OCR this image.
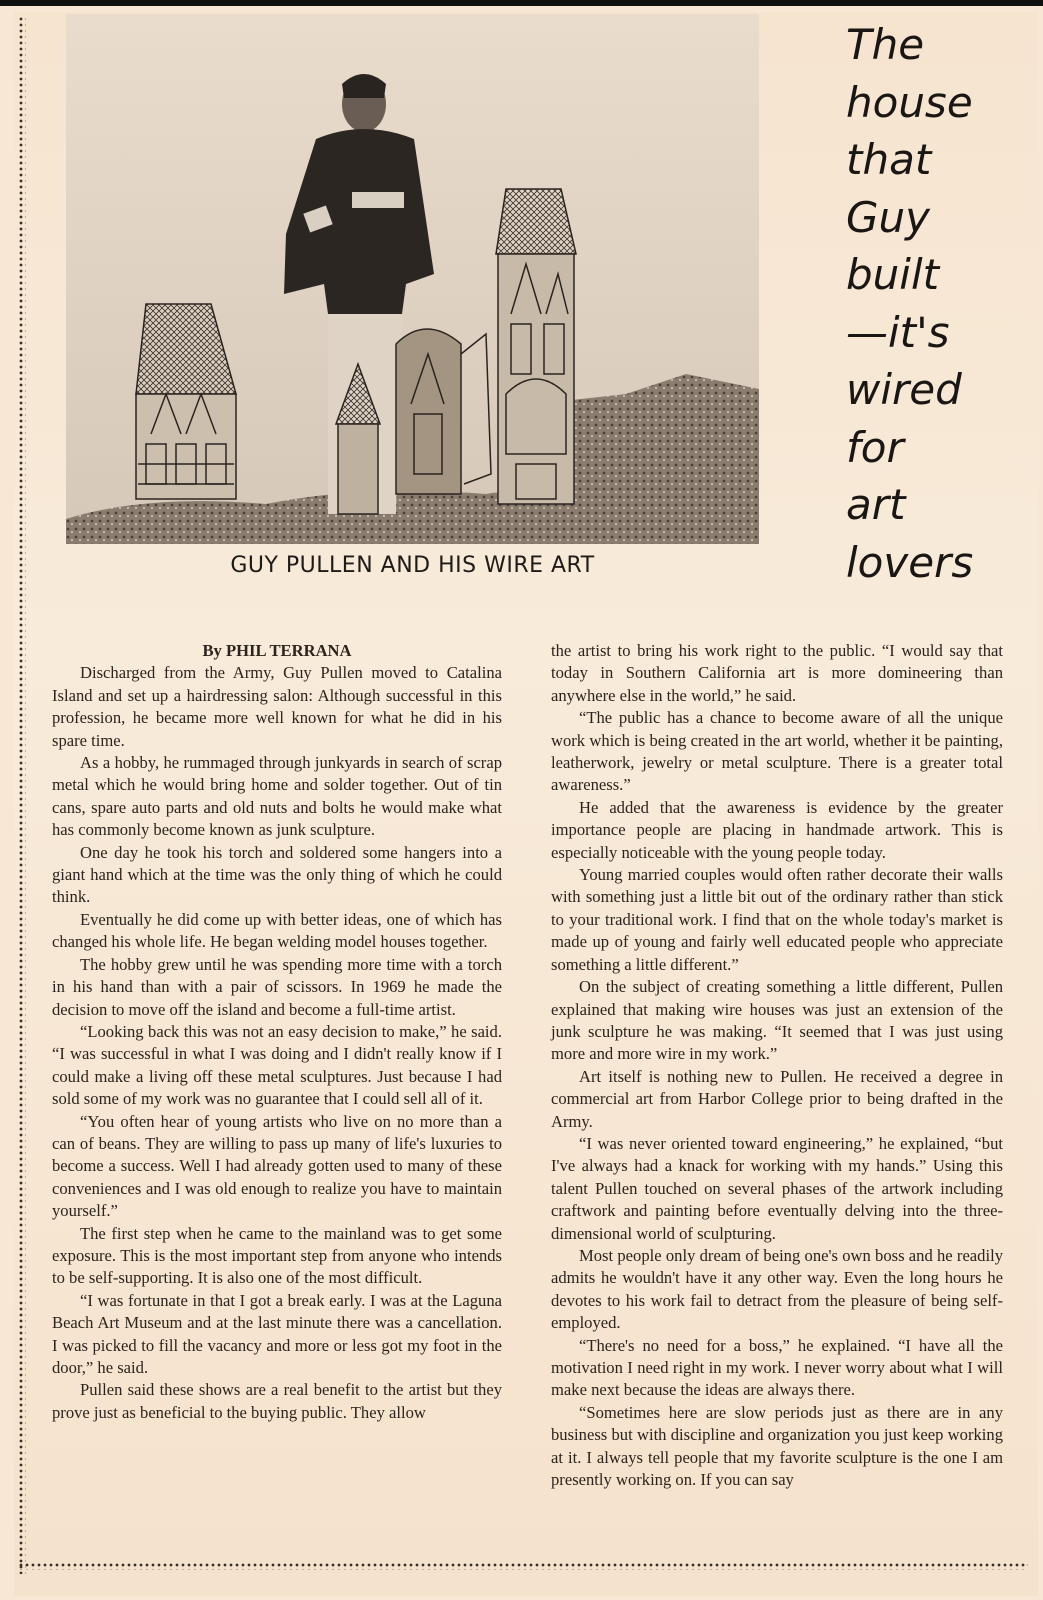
GUY PULLEN AND HIS WIRE ART
The
house
that
Guy
built
—it's
wired
for
art
lovers
By PHIL TERRANA

Discharged from the Army, Guy Pullen moved to Catalina Island and set up a hairdressing salon: Although successful in this profession, he became more well known for what he did in his spare time.

As a hobby, he rummaged through junkyards in search of scrap metal which he would bring home and solder together. Out of tin cans, spare auto parts and old nuts and bolts he would make what has commonly become known as junk sculpture.

One day he took his torch and soldered some hangers into a giant hand which at the time was the only thing of which he could think.

Eventually he did come up with better ideas, one of which has changed his whole life. He began welding model houses together.

The hobby grew until he was spending more time with a torch in his hand than with a pair of scissors. In 1969 he made the decision to move off the island and become a full-time artist.

“Looking back this was not an easy decision to make,” he said. “I was successful in what I was doing and I didn't really know if I could make a living off these metal sculptures. Just because I had sold some of my work was no guarantee that I could sell all of it.

“You often hear of young artists who live on no more than a can of beans. They are willing to pass up many of life's luxuries to become a success. Well I had already gotten used to many of these conveniences and I was old enough to realize you have to maintain yourself.”

The first step when he came to the mainland was to get some exposure. This is the most important step from anyone who intends to be self-supporting. It is also one of the most difficult.

“I was fortunate in that I got a break early. I was at the Laguna Beach Art Museum and at the last minute there was a cancellation. I was picked to fill the vacancy and more or less got my foot in the door,” he said.

Pullen said these shows are a real benefit to the artist but they prove just as beneficial to the buying public. They allow

the artist to bring his work right to the public. “I would say that today in Southern California art is more domineering than anywhere else in the world,” he said.

“The public has a chance to become aware of all the unique work which is being created in the art world, whether it be painting, leatherwork, jewelry or metal sculpture. There is a greater total awareness.”

He added that the awareness is evidence by the greater importance people are placing in handmade artwork. This is especially noticeable with the young people today.

Young married couples would often rather decorate their walls with something just a little bit out of the ordinary rather than stick to your traditional work. I find that on the whole today's market is made up of young and fairly well educated people who appreciate something a little different.”

On the subject of creating something a little different, Pullen explained that making wire houses was just an extension of the junk sculpture he was making. “It seemed that I was just using more and more wire in my work.”

Art itself is nothing new to Pullen. He received a degree in commercial art from Harbor College prior to being drafted in the Army.

“I was never oriented toward engineering,” he explained, “but I've always had a knack for working with my hands.” Using this talent Pullen touched on several phases of the artwork including craftwork and painting before eventually delving into the three-dimensional world of sculpturing.

Most people only dream of being one's own boss and he readily admits he wouldn't have it any other way. Even the long hours he devotes to his work fail to detract from the pleasure of being self-employed.

“There's no need for a boss,” he explained. “I have all the motivation I need right in my work. I never worry about what I will make next because the ideas are always there.

“Sometimes here are slow periods just as there are in any business but with discipline and organization you just keep working at it. I always tell people that my favorite sculpture is the one I am presently working on. If you can say
